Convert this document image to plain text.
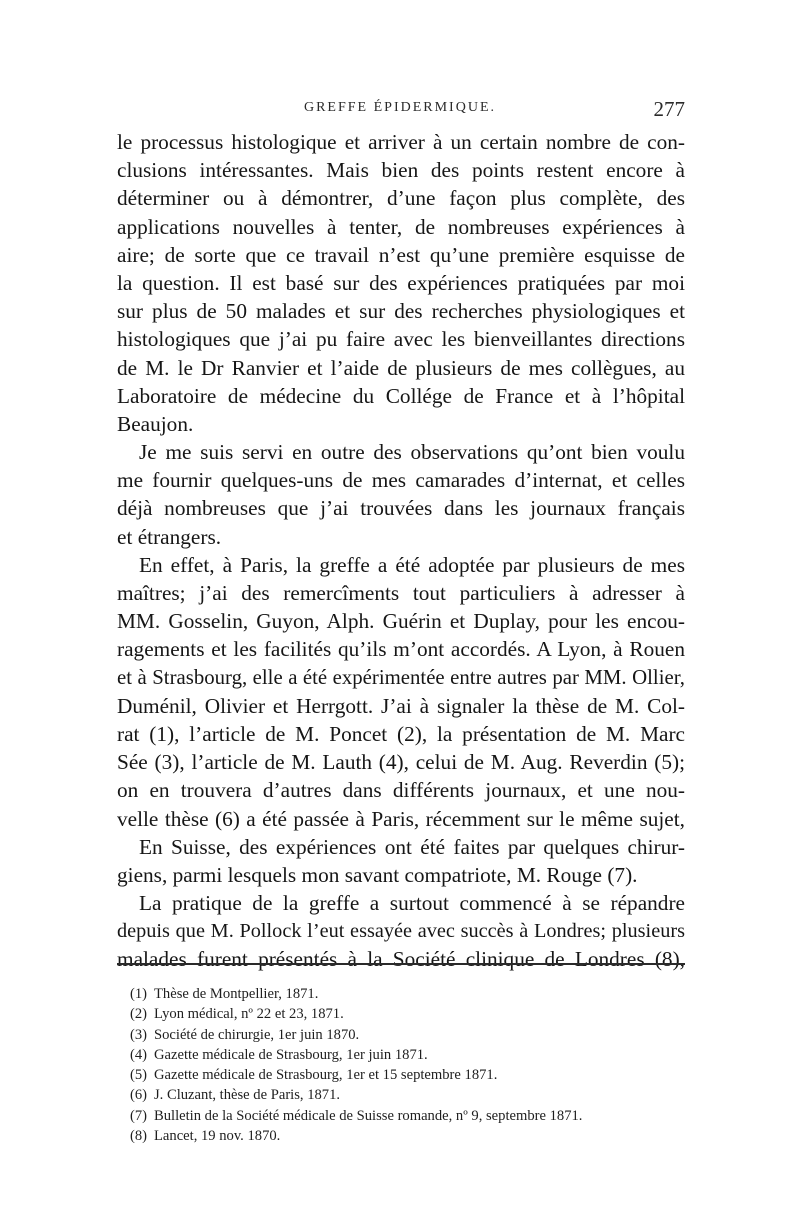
GREFFE ÉPIDERMIQUE.	277
le processus histologique et arriver à un certain nombre de con-
clusions intéressantes. Mais bien des points restent encore à
déterminer ou à démontrer, d’une façon plus complète, des
applications nouvelles à tenter, de nombreuses expériences à
aire; de sorte que ce travail n’est qu’une première esquisse de
la question. Il est basé sur des expériences pratiquées par moi
sur plus de 50 malades et sur des recherches physiologiques et
histologiques que j’ai pu faire avec les bienveillantes directions
de M. le Dr Ranvier et l’aide de plusieurs de mes collègues, au
Laboratoire de médecine du Collége de France et à l’hôpital
Beaujon.
Je me suis servi en outre des observations qu’ont bien voulu
me fournir quelques-uns de mes camarades d’internat, et celles
déjà nombreuses que j’ai trouvées dans les journaux français
et étrangers.
En effet, à Paris, la greffe a été adoptée par plusieurs de mes
maîtres; j’ai des remercîments tout particuliers à adresser à
MM. Gosselin, Guyon, Alph. Guérin et Duplay, pour les encou-
ragements et les facilités qu’ils m’ont accordés. A Lyon, à Rouen
et à Strasbourg, elle a été expérimentée entre autres par MM. Ollier,
Duménil, Olivier et Herrgott. J’ai à signaler la thèse de M. Col-
rat (1), l’article de M. Poncet (2), la présentation de M. Marc
Sée (3), l’article de M. Lauth (4), celui de M. Aug. Reverdin (5);
on en trouvera d’autres dans différents journaux, et une nou-
velle thèse (6) a été passée à Paris, récemment sur le même sujet,
En Suisse, des expériences ont été faites par quelques chirur-
giens, parmi lesquels mon savant compatriote, M. Rouge (7).
La pratique de la greffe a surtout commencé à se répandre
depuis que M. Pollock l’eut essayée avec succès à Londres; plusieurs
malades furent présentés à la Société clinique de Londres (8),
(1) Thèse de Montpellier, 1871.
(2) Lyon médical, nº 22 et 23, 1871.
(3) Société de chirurgie, 1er juin 1870.
(4) Gazette médicale de Strasbourg, 1er juin 1871.
(5) Gazette médicale de Strasbourg, 1er et 15 septembre 1871.
(6) J. Cluzant, thèse de Paris, 1871.
(7) Bulletin de la Société médicale de Suisse romande, nº 9, septembre 1871.
(8) Lancet, 19 nov. 1870.
